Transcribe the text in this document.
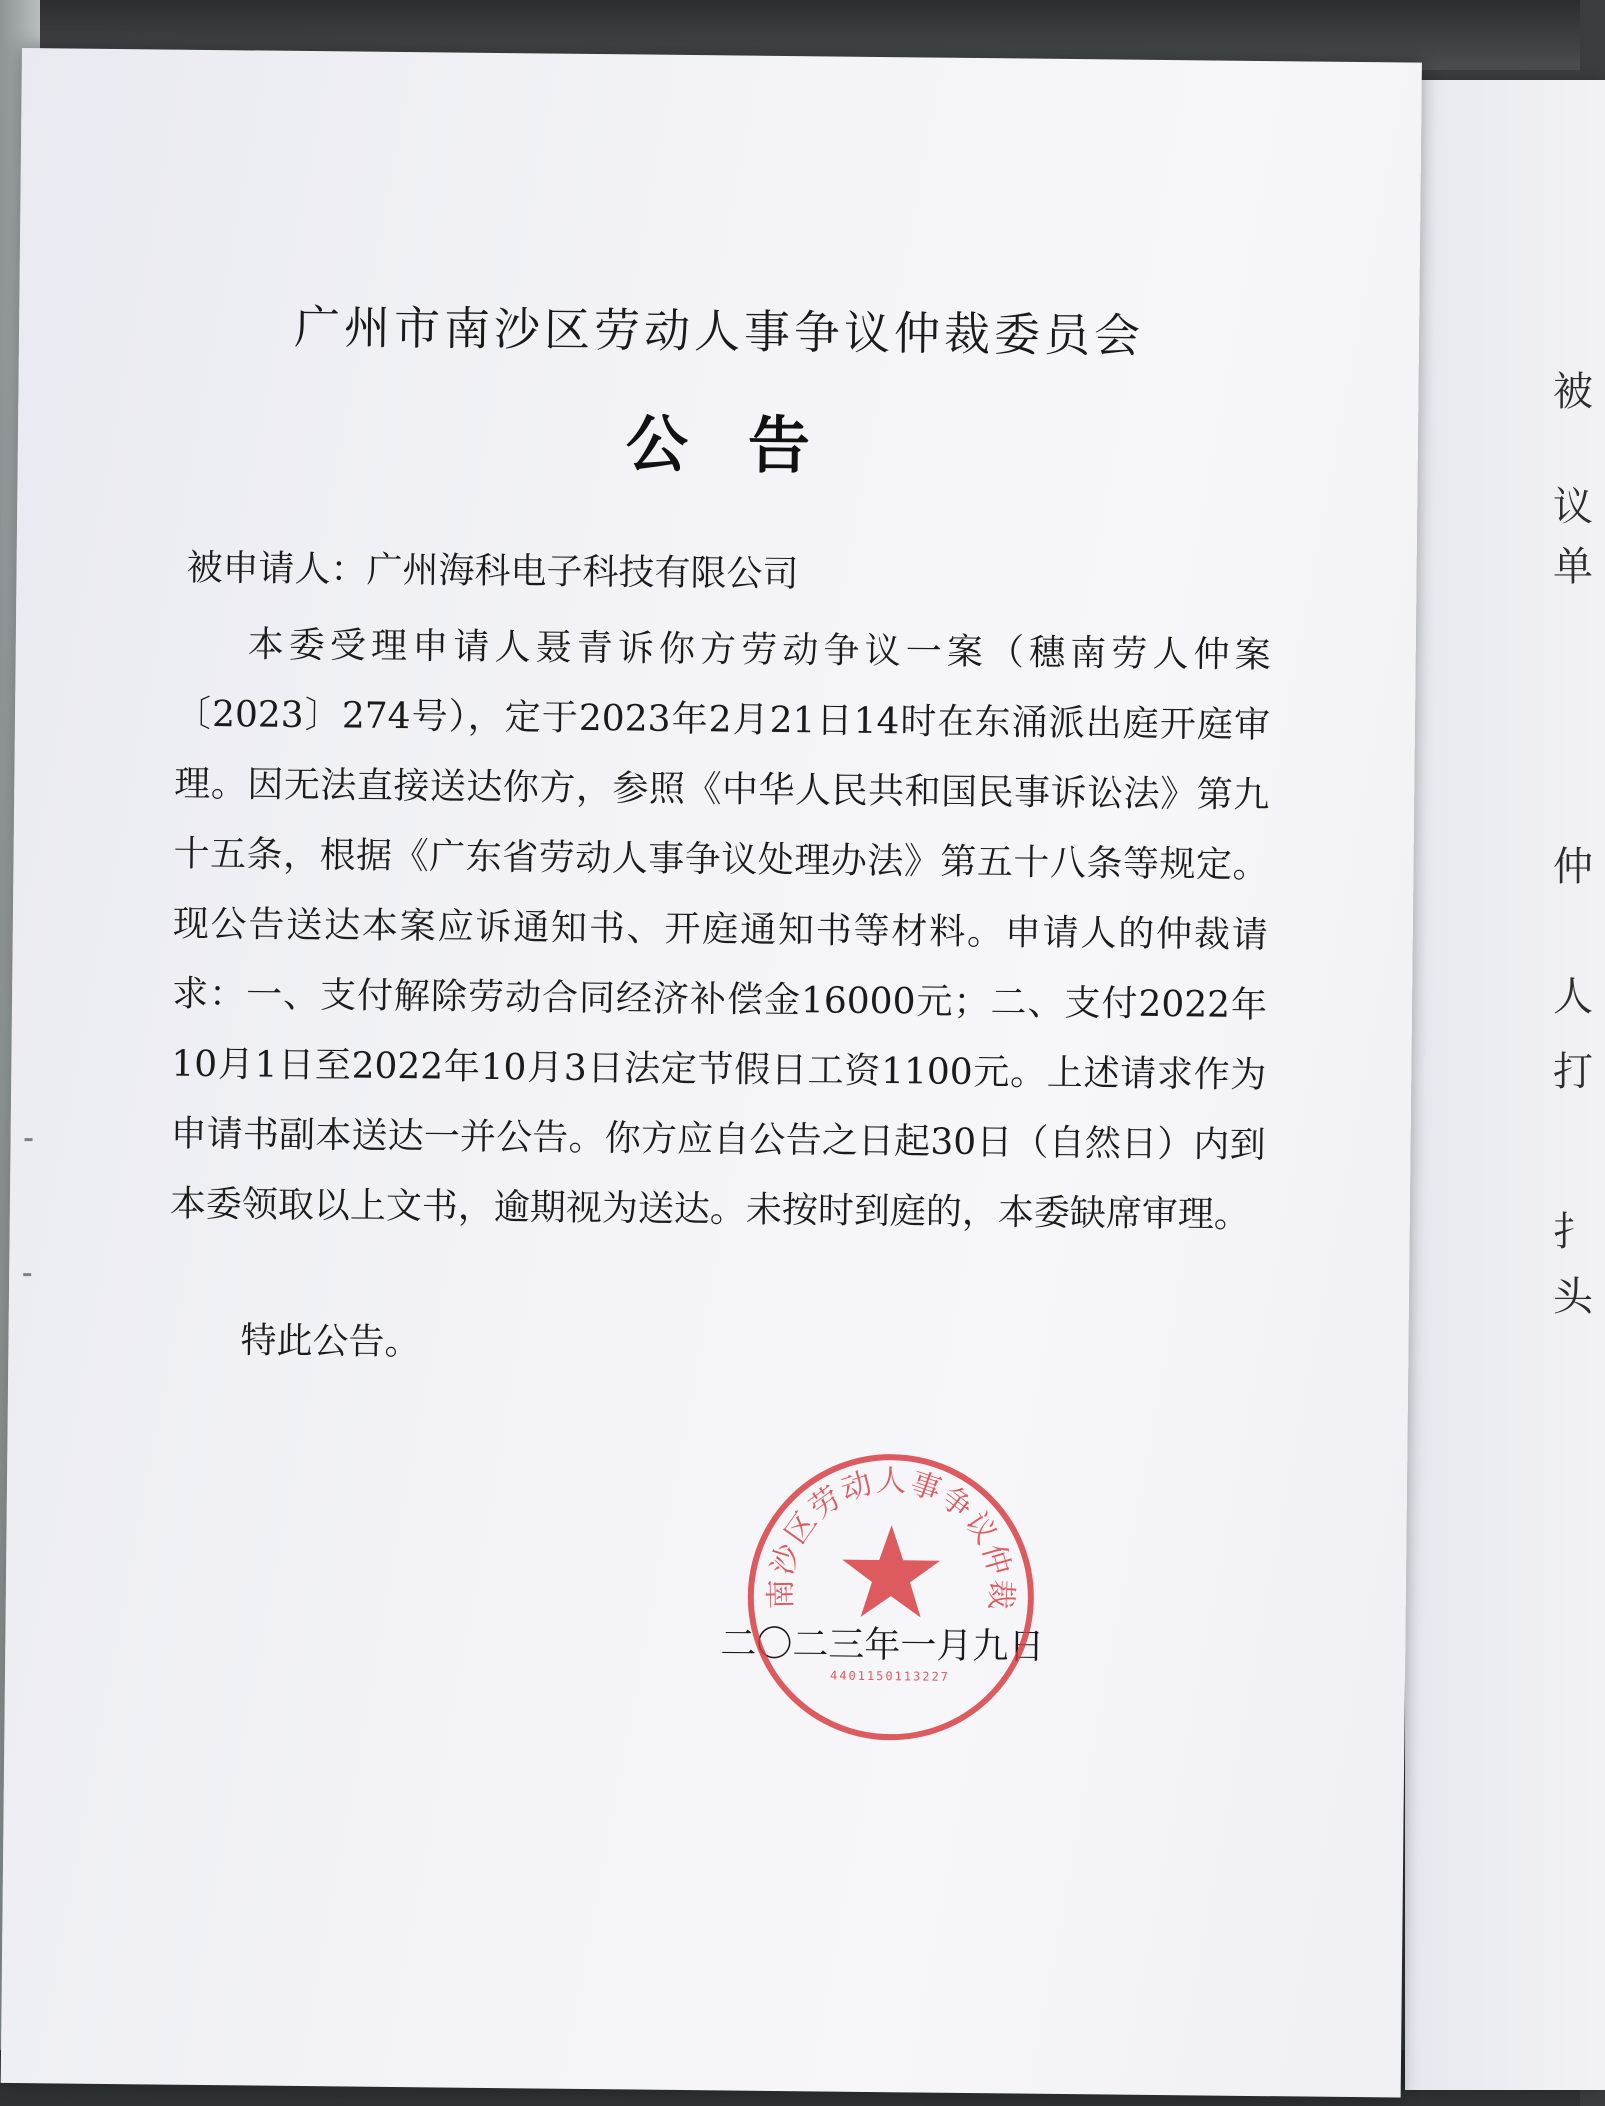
被
议
单
仲
人
打
扌
头
广州市南沙区劳动人事争议仲裁委员会
公告
被申请人：广州海科电子科技有限公司
本委受理申请人聂青诉你方劳动争议一案（穗南劳人仲案〔2023〕274号），定于2023年2月21日14时在东涌派出庭开庭审理。因无法直接送达你方，参照《中华人民共和国民事诉讼法》第九十五条，根据《广东省劳动人事争议处理办法》第五十八条等规定。现公告送达本案应诉通知书、开庭通知书等材料。申请人的仲裁请求：一、支付解除劳动合同经济补偿金16000元；二、支付2022年10月1日至2022年10月3日法定节假日工资1100元。上述请求作为申请书副本送达一并公告。你方应自公告之日起30日（自然日）内到本委领取以上文书，逾期视为送达。未按时到庭的，本委缺席审理。
特此公告。
二〇二三年一月九日
广州市南沙区劳动人事争议仲裁委员会
4401150113227
